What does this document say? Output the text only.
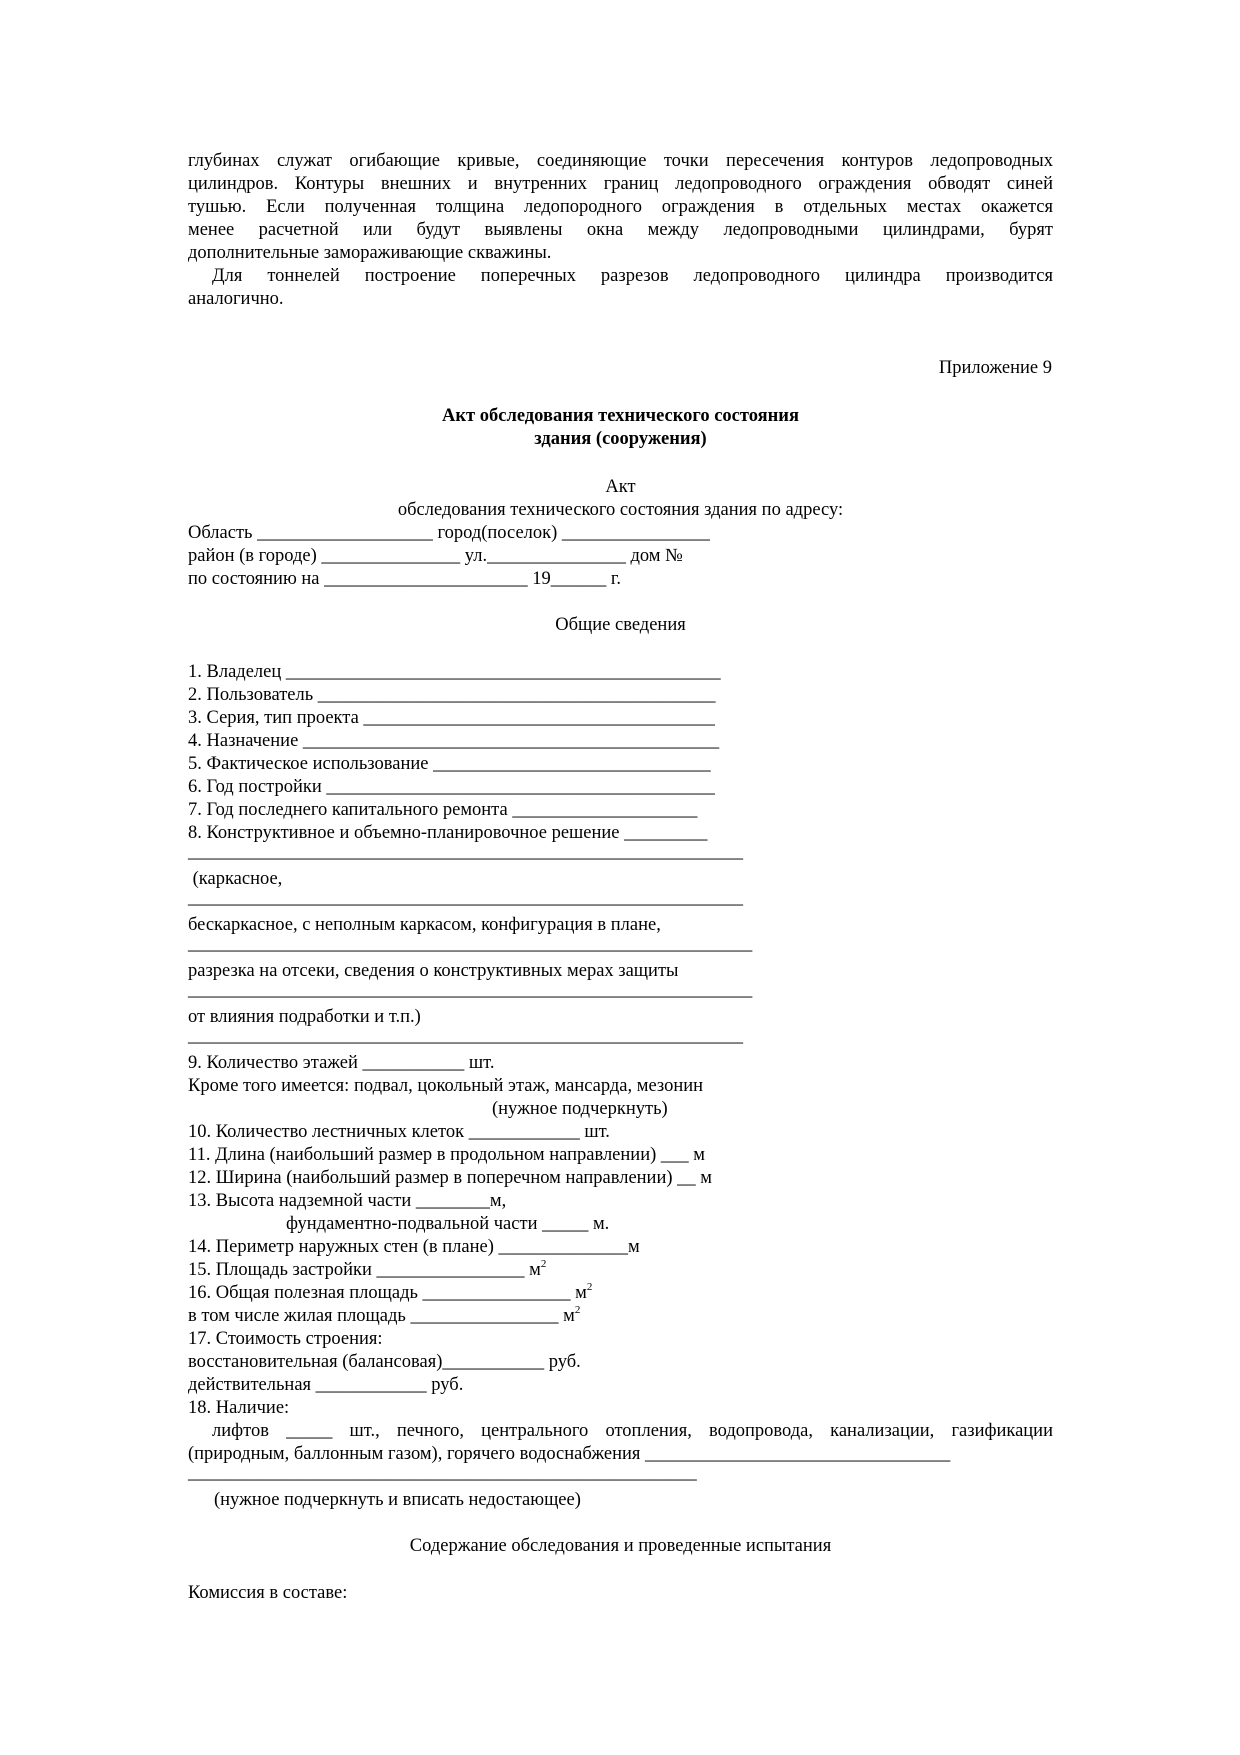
глубинах служат огибающие кривые, соединяющие точки пересечения контуров ледопроводных
цилиндров. Контуры внешних и внутренних границ ледопроводного ограждения обводят синей
тушью. Если полученная толщина ледопородного ограждения в отдельных местах окажется
менее расчетной или будут выявлены окна между ледопроводными цилиндрами, бурят
дополнительные замораживающие скважины.
Для тоннелей построение поперечных разрезов ледопроводного цилиндра производится
аналогично.
Приложение 9
Акт обследования технического состояния
здания (сооружения)
Акт
обследования технического состояния здания по адресу:
Область ___________________ город(поселок) ________________
район (в городе) _______________ ул._______________ дом №
по состоянию на ______________________ 19______ г.
Общие сведения
1. Владелец _______________________________________________
2. Пользователь ___________________________________________
3. Серия, тип проекта ______________________________________
4. Назначение _____________________________________________
5. Фактическое использование ______________________________
6. Год постройки __________________________________________
7. Год последнего капитального ремонта ____________________
8. Конструктивное и объемно-планировочное решение _________
____________________________________________________________
(каркасное,
____________________________________________________________
бескаркасное, с неполным каркасом, конфигурация в плане,
_____________________________________________________________
разрезка на отсеки, сведения о конструктивных мерах защиты
_____________________________________________________________
от влияния подработки и т.п.)
____________________________________________________________
9. Количество этажей ___________ шт.
Кроме того имеется: подвал, цокольный этаж, мансарда, мезонин
(нужное подчеркнуть)
10. Количество лестничных клеток ____________ шт.
11. Длина (наибольший размер в продольном направлении) ___ м
12. Ширина (наибольший размер в поперечном направлении) __ м
13. Высота надземной части ________м,
фундаментно-подвальной части _____ м.
14. Периметр наружных стен (в плане) ______________м
15. Площадь застройки ________________ $м^2$
16. Общая полезная площадь ________________ $м^2$
в том числе жилая площадь ________________ $м^2$
17. Стоимость строения:
восстановительная (балансовая)___________ руб.
действительная ____________ руб.
18. Наличие:
лифтов _____ шт., печного, центрального отопления, водопровода, канализации, газификации
(природным, баллонным газом), горячего водоснабжения _________________________________
_______________________________________________________
(нужное подчеркнуть и вписать недостающее)
Содержание обследования и проведенные испытания
Комиссия в составе:
